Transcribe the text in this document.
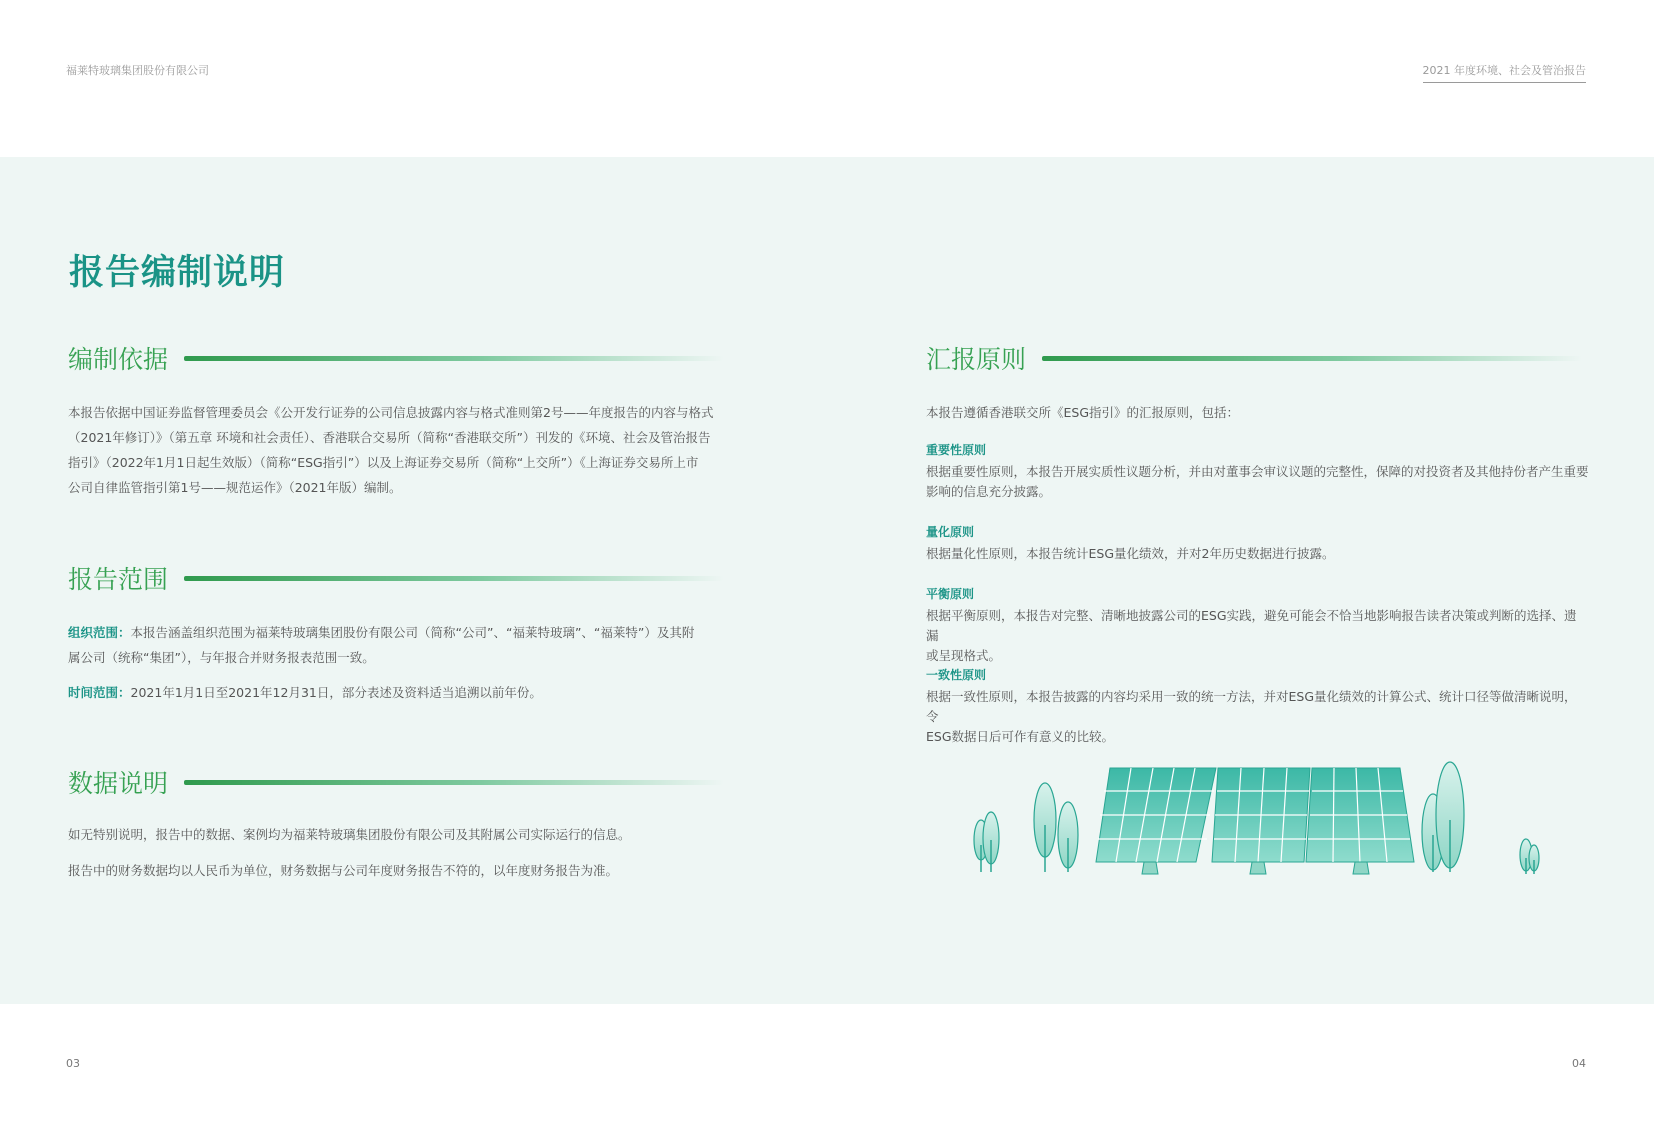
福莱特玻璃集团股份有限公司	2021 年度环境、社会及管治报告
报告编制说明
编制依据
本报告依据中国证券监督管理委员会《公开发行证券的公司信息披露内容与格式准则第2号——年度报告的内容与格式
（2021年修订）》（第五章 环境和社会责任）、香港联合交易所（简称“香港联交所”）刊发的《环境、社会及管治报告
指引》（2022年1月1日起生效版）（简称“ESG指引”）以及上海证券交易所（简称“上交所”）《上海证券交易所上市
公司自律监管指引第1号——规范运作》（2021年版）编制。
报告范围
组织范围：本报告涵盖组织范围为福莱特玻璃集团股份有限公司（简称“公司”、“福莱特玻璃”、“福莱特”）及其附
属公司（统称“集团”），与年报合并财务报表范围一致。
时间范围：2021年1月1日至2021年12月31日，部分表述及资料适当追溯以前年份。
数据说明
如无特别说明，报告中的数据、案例均为福莱特玻璃集团股份有限公司及其附属公司实际运行的信息。
报告中的财务数据均以人民币为单位，财务数据与公司年度财务报告不符的，以年度财务报告为准。
汇报原则
本报告遵循香港联交所《ESG指引》的汇报原则，包括：
重要性原则
根据重要性原则，本报告开展实质性议题分析，并由对董事会审议议题的完整性，保障的对投资者及其他持份者产生重要
影响的信息充分披露。
量化原则
根据量化性原则，本报告统计ESG量化绩效，并对2年历史数据进行披露。
平衡原则
根据平衡原则，本报告对完整、清晰地披露公司的ESG实践，避免可能会不恰当地影响报告读者决策或判断的选择、遗漏
或呈现格式。
一致性原则
根据一致性原则，本报告披露的内容均采用一致的统一方法，并对ESG量化绩效的计算公式、统计口径等做清晰说明，令
ESG数据日后可作有意义的比较。
03	04
